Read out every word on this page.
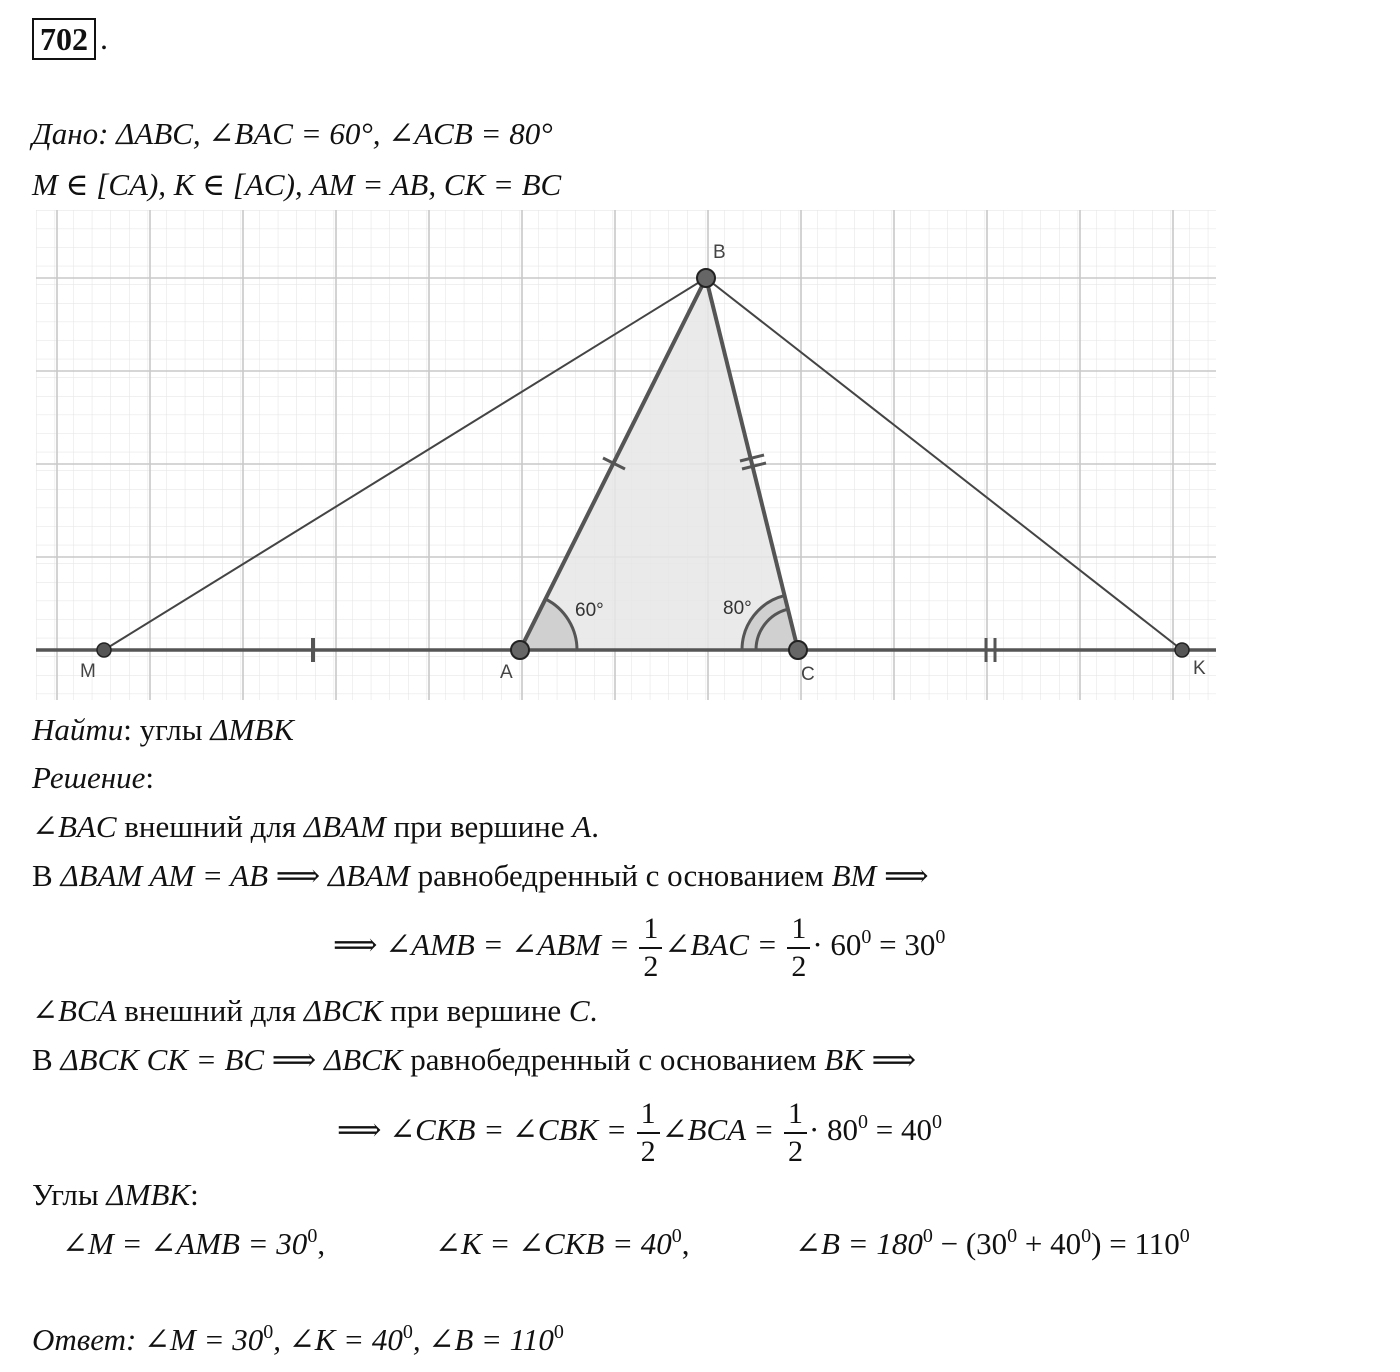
702 .
Дано: ΔABC, ∠BAC = 60°, ∠ACB = 80°
M ∈ [CA), K ∈ [AC), AM = AB, CK = BC
B
M	A	C	K
60°	80°
Найти: углы ΔMBK
Решение:
∠BAC внешний для ΔBAM при вершине A.
В ΔBAM AM = AB ⟹ ΔBAM равнобедренный с основанием BM ⟹
⟹ ∠AMB = ∠ABM = $\frac{1}{2}$ ∠BAC = $\frac{1}{2} \cdot 60^0 = 30^0$
∠BCA внешний для ΔBCK при вершине C.
В ΔBCK CK = BC ⟹ ΔBCK равнобедренный с основанием BK ⟹
⟹ ∠CKB = ∠CBK = $\frac{1}{2}$ ∠BCA = $\frac{1}{2} \cdot 80^0 = 40^0$
Углы ΔMBK:
∠M = ∠AMB = $30^0$,	∠K = ∠CKB = $40^0$,	∠B = $180^0 - (30^0 + 40^0) = 110^0$
Ответ: ∠M = $30^0$, ∠K = $40^0$, ∠B = $110^0$
